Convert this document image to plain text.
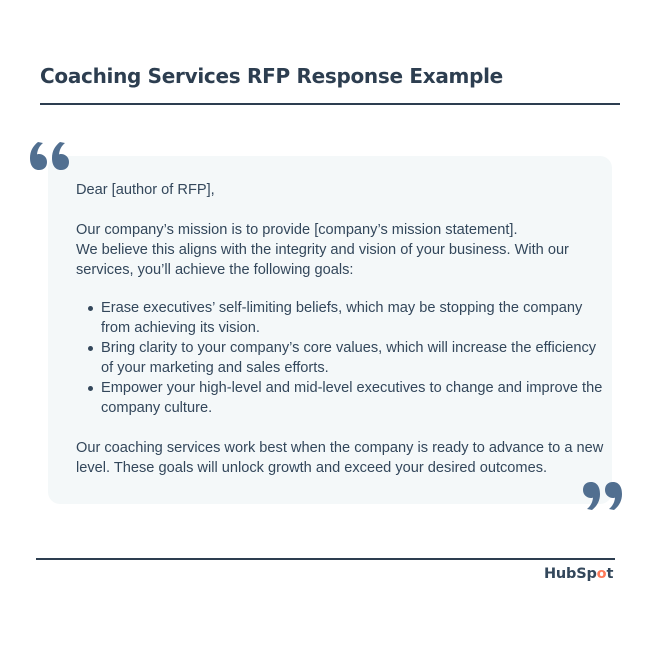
Coaching Services RFP Response Example

Dear [author of RFP],

Our company’s mission is to provide [company’s mission statement].

We believe this aligns with the integrity and vision of your business. With our services, you’ll achieve the following goals:

Erase executives’ self-limiting beliefs, which may be stopping the company from achieving its vision.
Bring clarity to your company’s core values, which will increase the efficiency of your marketing and sales efforts.
Empower your high-level and mid-level executives to change and improve the company culture.

Our coaching services work best when the company is ready to advance to a new level. These goals will unlock growth and exceed your desired outcomes.

HubSpot
